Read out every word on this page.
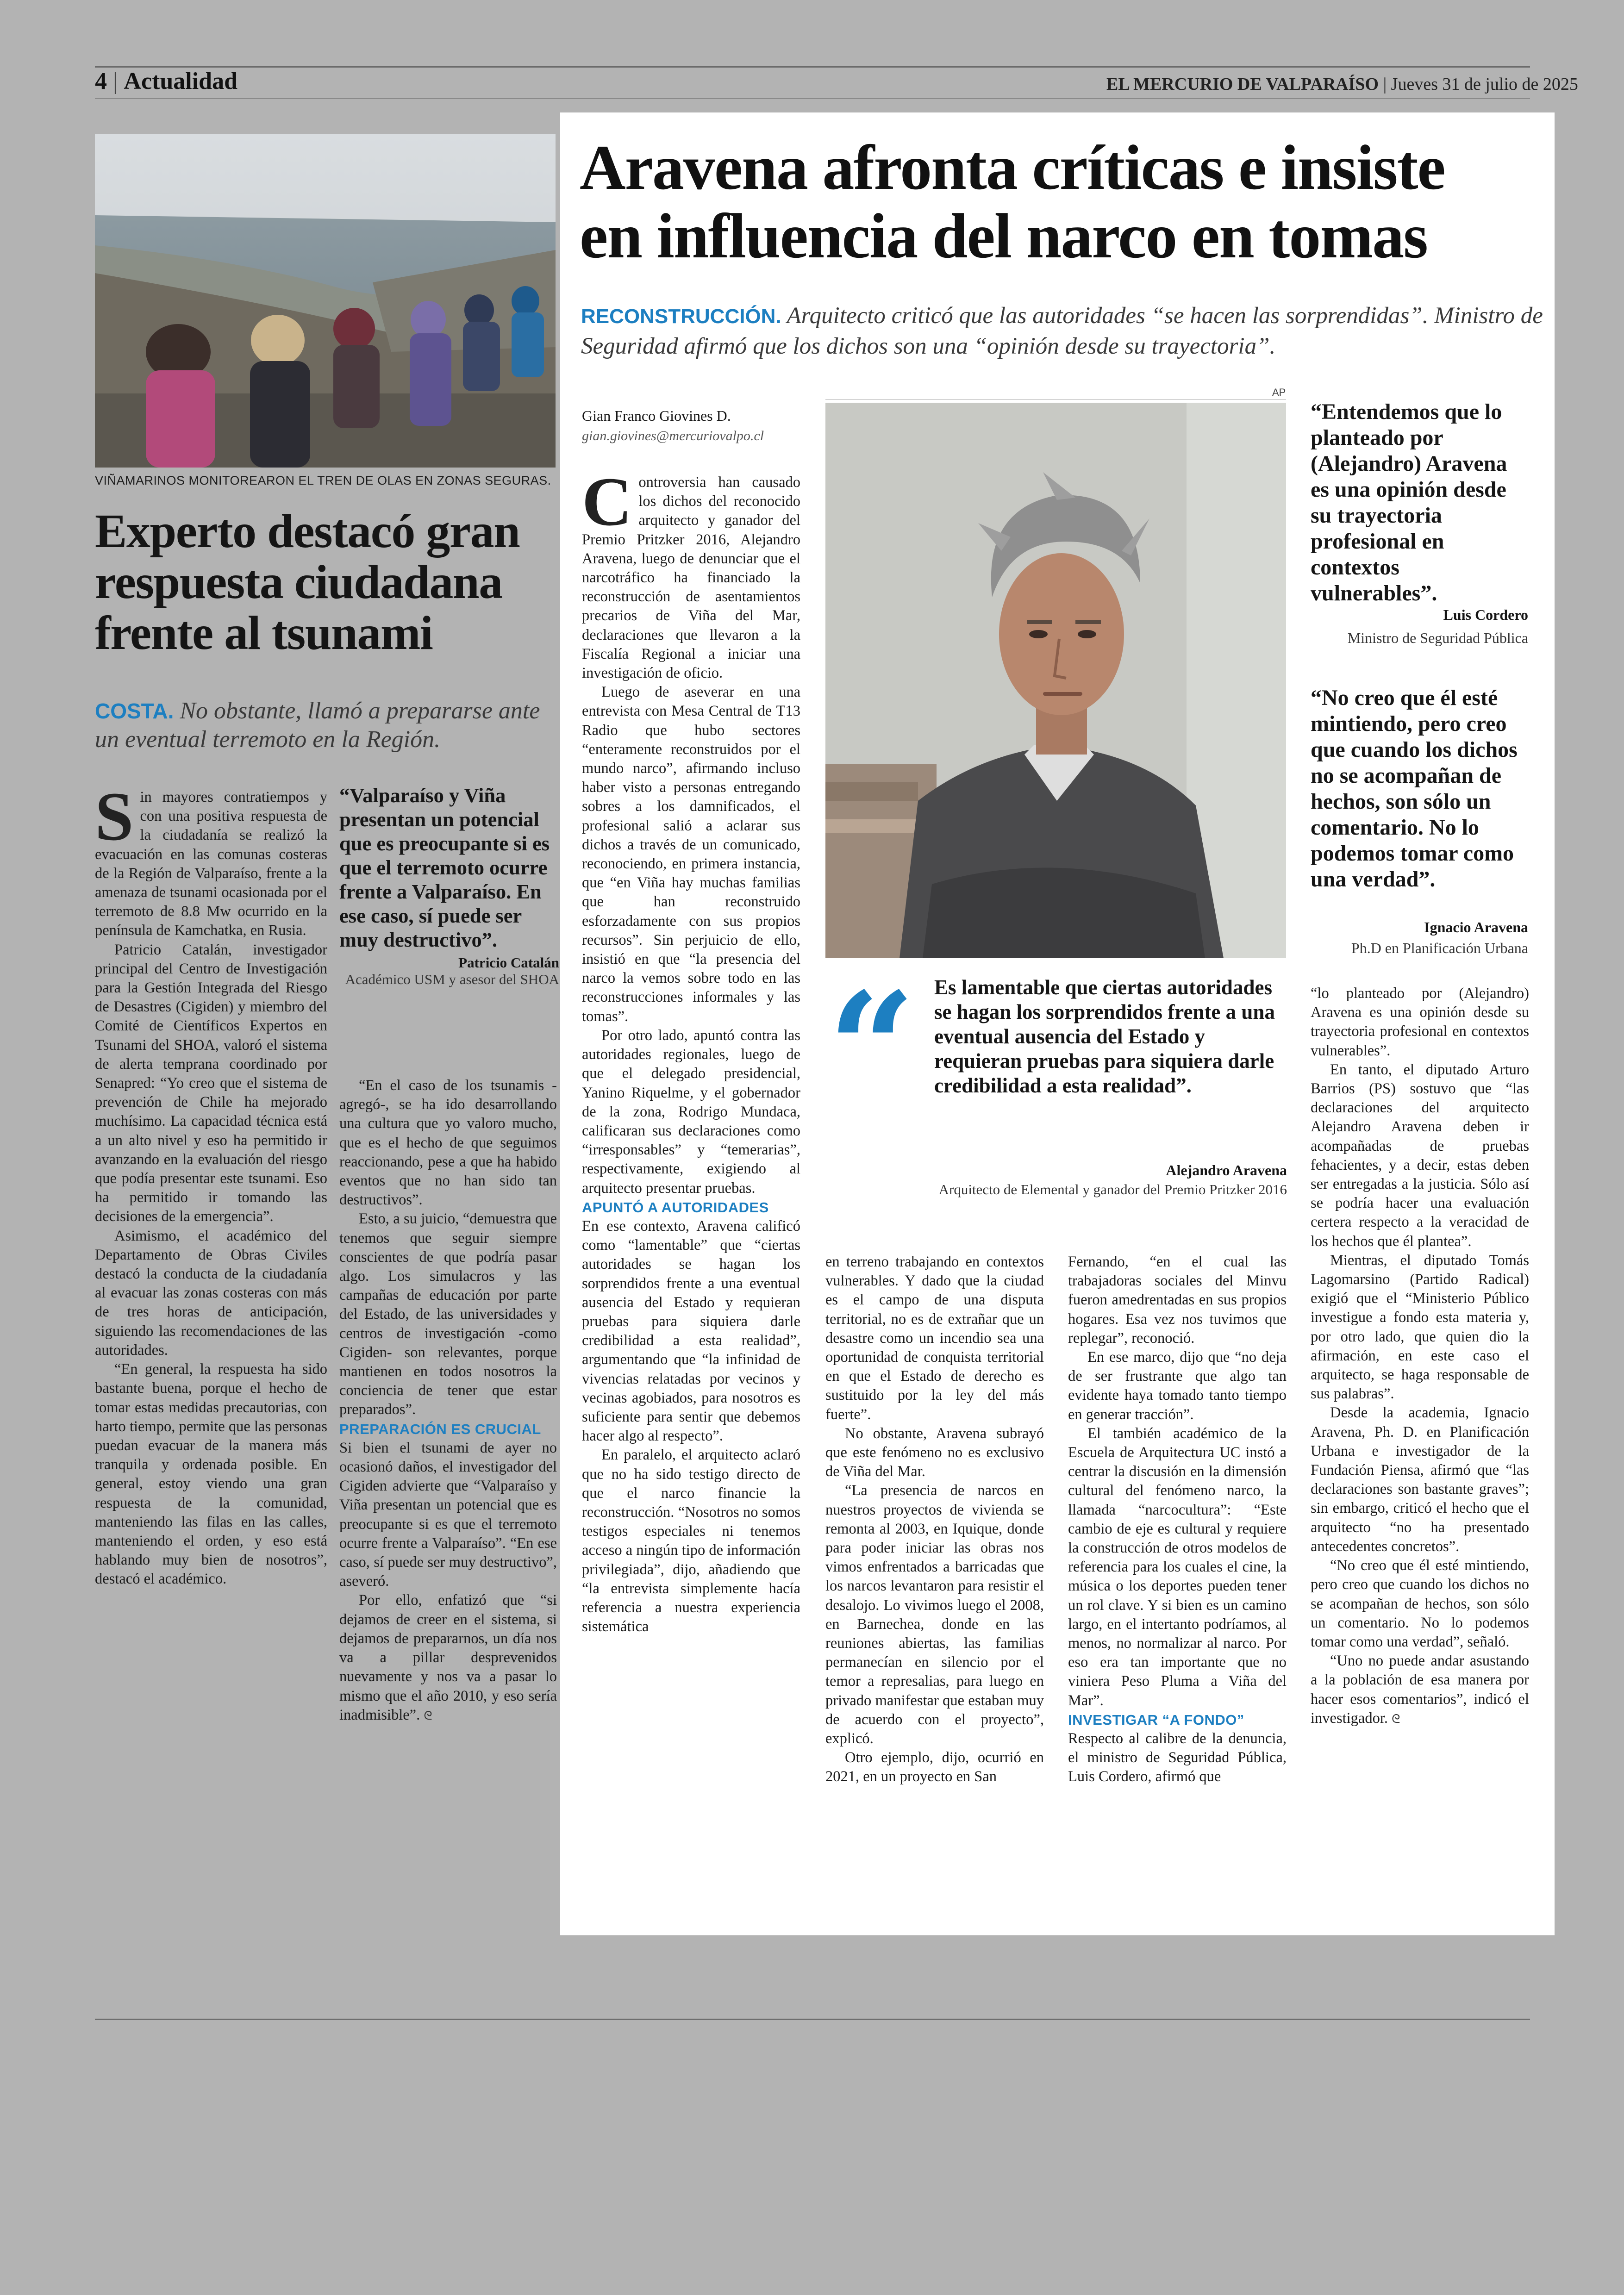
4 | Actualidad	EL MERCURIO DE VALPARAÍSO | Jueves 31 de julio de 2025
VIÑAMARINOS MONITOREARON EL TREN DE OLAS EN ZONAS SEGURAS.
Experto destacó gran respuesta ciudadana frente al tsunami
COSTA. No obstante, llamó a prepararse ante un eventual terremoto en la Región.

Sin mayores contratiempos y con una positiva respuesta de la ciudadanía se realizó la evacuación en las comunas costeras de la Región de Valparaíso, frente a la amenaza de tsunami ocasionada por el terremoto de 8.8 Mw ocurrido en la península de Kamchatka, en Rusia.

Patricio Catalán, investigador principal del Centro de Investigación para la Gestión Integrada del Riesgo de Desastres (Cigiden) y miembro del Comité de Científicos Expertos en Tsunami del SHOA, valoró el sistema de alerta temprana coordinado por Senapred: “Yo creo que el sistema de prevención de Chile ha mejorado muchísimo. La capacidad técnica está a un alto nivel y eso ha permitido ir avanzando en la evaluación del riesgo que podía presentar este tsunami. Eso ha permitido ir tomando las decisiones de la emergencia”.

Asimismo, el académico del Departamento de Obras Civiles destacó la conducta de la ciudadanía al evacuar las zonas costeras con más de tres horas de anticipación, siguiendo las recomendaciones de las autoridades.

“En general, la respuesta ha sido bastante buena, porque el hecho de tomar estas medidas precautorias, con harto tiempo, permite que las personas puedan evacuar de la manera más tranquila y ordenada posible. En general, estoy viendo una gran respuesta de la comunidad, manteniendo las filas en las calles, manteniendo el orden, y eso está hablando muy bien de nosotros”, destacó el académico.

“Valparaíso y Viña presentan un potencial que es preocupante si es que el terremoto ocurre frente a Valparaíso. En ese caso, sí puede ser muy destructivo”.
Patricio Catalán
Académico USM y asesor del SHOA

“En el caso de los tsunamis -agregó-, se ha ido desarrollando una cultura que yo valoro mucho, que es el hecho de que seguimos reaccionando, pese a que ha habido eventos que no han sido tan destructivos”.

Esto, a su juicio, “demuestra que tenemos que seguir siempre conscientes de que podría pasar algo. Los simulacros y las campañas de educación por parte del Estado, de las universidades y centros de investigación -como Cigiden- son relevantes, porque mantienen en todos nosotros la conciencia de tener que estar preparados”.

PREPARACIÓN ES CRUCIAL

Si bien el tsunami de ayer no ocasionó daños, el investigador del Cigiden advierte que “Valparaíso y Viña presentan un potencial que es preocupante si es que el terremoto ocurre frente a Valparaíso”. “En ese caso, sí puede ser muy destructivo”, aseveró.

Por ello, enfatizó que “si dejamos de creer en el sistema, si dejamos de prepararnos, un día nos va a pillar desprevenidos nuevamente y nos va a pasar lo mismo que el año 2010, y eso sería inadmisible”. ᘓ

Aravena afronta críticas e insiste
en influencia del narco en tomas
RECONSTRUCCIÓN. Arquitecto criticó que las autoridades “se hacen las sorprendidas”. Ministro de Seguridad afirmó que los dichos son una “opinión desde su trayectoria”.
Gian Franco Giovines D.
gian.giovines@mercuriovalpo.cl
AP

Controversia han causado los dichos del reconocido arquitecto y ganador del Premio Pritzker 2016, Alejandro Aravena, luego de denunciar que el narcotráfico ha financiado la reconstrucción de asentamientos precarios de Viña del Mar, declaraciones que llevaron a la Fiscalía Regional a iniciar una investigación de oficio.

Luego de aseverar en una entrevista con Mesa Central de T13 Radio que hubo sectores “enteramente reconstruidos por el mundo narco”, afirmando incluso haber visto a personas entregando sobres a los damnificados, el profesional salió a aclarar sus dichos a través de un comunicado, reconociendo, en primera instancia, que “en Viña hay muchas familias que han reconstruido esforzadamente con sus propios recursos”. Sin perjuicio de ello, insistió en que “la presencia del narco la vemos sobre todo en las reconstrucciones informales y las tomas”.

Por otro lado, apuntó contra las autoridades regionales, luego de que el delegado presidencial, Yanino Riquelme, y el gobernador de la zona, Rodrigo Mundaca, calificaran sus declaraciones como “irresponsables” y “temerarias”, respectivamente, exigiendo al arquitecto presentar pruebas.

APUNTÓ A AUTORIDADES

En ese contexto, Aravena calificó como “lamentable” que “ciertas autoridades se hagan los sorprendidos frente a una eventual ausencia del Estado y requieran pruebas para siquiera darle credibilidad a esta realidad”, argumentando que “la infinidad de vivencias relatadas por vecinos y vecinas agobiados, para nosotros es suficiente para sentir que debemos hacer algo al respecto”.

En paralelo, el arquitecto aclaró que no ha sido testigo directo de que el narco financie la reconstrucción. “Nosotros no somos testigos especiales ni tenemos acceso a ningún tipo de información privilegiada”, dijo, añadiendo que “la entrevista simplemente hacía referencia a nuestra experiencia sistemática

“ Es lamentable que ciertas autoridades se hagan los sorprendidos frente a una eventual ausencia del Estado y requieran pruebas para siquiera darle credibilidad a esta realidad”.
Alejandro Aravena
Arquitecto de Elemental y ganador del Premio Pritzker 2016

en terreno trabajando en contextos vulnerables. Y dado que la ciudad es el campo de una disputa territorial, no es de extrañar que un desastre como un incendio sea una oportunidad de conquista territorial en que el Estado de derecho es sustituido por la ley del más fuerte”.

No obstante, Aravena subrayó que este fenómeno no es exclusivo de Viña del Mar.

“La presencia de narcos en nuestros proyectos de vivienda se remonta al 2003, en Iquique, donde para poder iniciar las obras nos vimos enfrentados a barricadas que los narcos levantaron para resistir el desalojo. Lo vivimos luego el 2008, en Barnechea, donde en las reuniones abiertas, las familias permanecían en silencio por el temor a represalias, para luego en privado manifestar que estaban muy de acuerdo con el proyecto”, explicó.

Otro ejemplo, dijo, ocurrió en 2021, en un proyecto en San

Fernando, “en el cual las trabajadoras sociales del Minvu fueron amedrentadas en sus propios hogares. Esa vez nos tuvimos que replegar”, reconoció.

En ese marco, dijo que “no deja de ser frustrante que algo tan evidente haya tomado tanto tiempo en generar tracción”.

El también académico de la Escuela de Arquitectura UC instó a centrar la discusión en la dimensión cultural del fenómeno narco, la llamada “narcocultura”: “Este cambio de eje es cultural y requiere la construcción de otros modelos de referencia para los cuales el cine, la música o los deportes pueden tener un rol clave. Y si bien es un camino largo, en el intertanto podríamos, al menos, no normalizar al narco. Por eso era tan importante que no viniera Peso Pluma a Viña del Mar”.

INVESTIGAR “A FONDO”

Respecto al calibre de la denuncia, el ministro de Seguridad Pública, Luis Cordero, afirmó que

“Entendemos que lo planteado por (Alejandro) Aravena es una opinión desde su trayectoria profesional en contextos vulnerables”.
Luis Cordero
Ministro de Seguridad Pública
“No creo que él esté mintiendo, pero creo que cuando los dichos no se acompañan de hechos, son sólo un comentario. No lo podemos tomar como una verdad”.
Ignacio Aravena
Ph.D en Planificación Urbana

“lo planteado por (Alejandro) Aravena es una opinión desde su trayectoria profesional en contextos vulnerables”.

En tanto, el diputado Arturo Barrios (PS) sostuvo que “las declaraciones del arquitecto Alejandro Aravena deben ir acompañadas de pruebas fehacientes, y a decir, estas deben ser entregadas a la justicia. Sólo así se podría hacer una evaluación certera respecto a la veracidad de los hechos que él plantea”.

Mientras, el diputado Tomás Lagomarsino (Partido Radical) exigió que el “Ministerio Público investigue a fondo esta materia y, por otro lado, que quien dio la afirmación, en este caso el arquitecto, se haga responsable de sus palabras”.

Desde la academia, Ignacio Aravena, Ph. D. en Planificación Urbana e investigador de la Fundación Piensa, afirmó que “las declaraciones son bastante graves”; sin embargo, criticó el hecho que el arquitecto “no ha presentado antecedentes concretos”.

“No creo que él esté mintiendo, pero creo que cuando los dichos no se acompañan de hechos, son sólo un comentario. No lo podemos tomar como una verdad”, señaló.

“Uno no puede andar asustando a la población de esa manera por hacer esos comentarios”, indicó el investigador. ᘓ
